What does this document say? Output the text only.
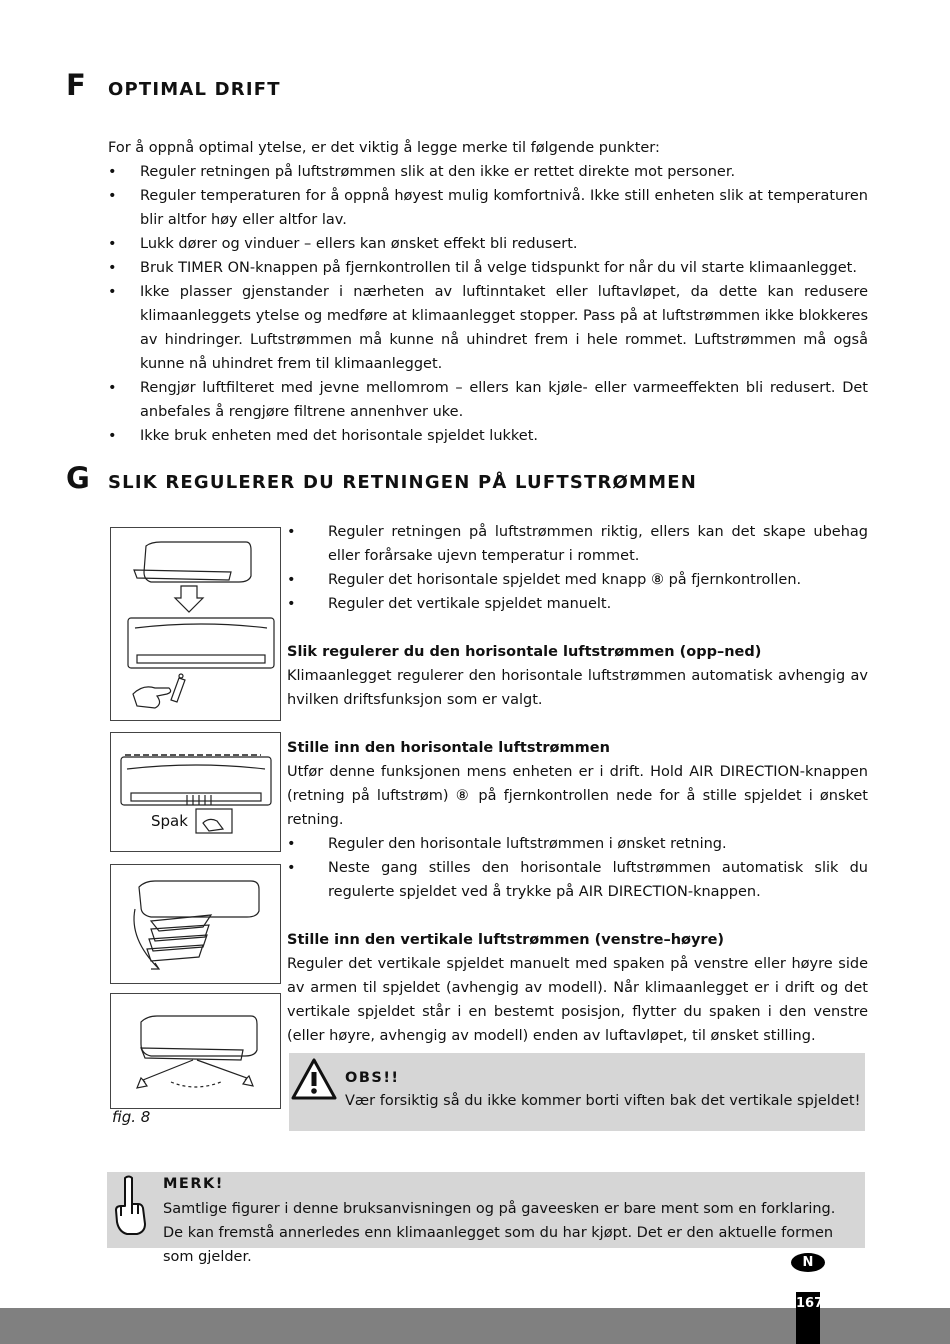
F OPTIMAL DRIFT
For å oppnå optimal ytelse, er det viktig å legge merke til følgende punkter:
• Reguler retningen på luftstrømmen slik at den ikke er rettet direkte mot personer.
• Reguler temperaturen for å oppnå høyest mulig komfortnivå. Ikke still enheten slik at temperaturen blir altfor høy eller altfor lav.
• Lukk dører og vinduer – ellers kan ønsket effekt bli redusert.
• Bruk TIMER ON-knappen på fjernkontrollen til å velge tidspunkt for når du vil starte klimaanlegget.
• Ikke plasser gjenstander i nærheten av luftinntaket eller luftavløpet, da dette kan redusere klimaanleggets ytelse og medføre at klimaanlegget stopper. Pass på at luftstrømmen ikke blokkeres av hindringer. Luftstrømmen må kunne nå uhindret frem i hele rommet. Luftstrømmen må også kunne nå uhindret frem til klimaanlegget.
• Rengjør luftfilteret med jevne mellomrom – ellers kan kjøle- eller varmeeffekten bli redusert. Det anbefales å rengjøre filtrene annenhver uke.
• Ikke bruk enheten med det horisontale spjeldet lukket.
G SLIK REGULERER DU RETNINGEN PÅ LUFTSTRØMMEN
• Reguler retningen på luftstrømmen riktig, ellers kan det skape ubehag eller forårsake ujevn temperatur i rommet.
• Reguler det horisontale spjeldet med knapp ⑧ på fjernkontrollen.
• Reguler det vertikale spjeldet manuelt.

Slik regulerer du den horisontale luftstrømmen (opp–ned)

Klimaanlegget regulerer den horisontale luftstrømmen automatisk avhengig av hvilken driftsfunksjon som er valgt.

Stille inn den horisontale luftstrømmen

Utfør denne funksjonen mens enheten er i drift. Hold AIR DIRECTION-knappen (retning på luftstrøm) ⑧ på fjernkontrollen nede for å stille spjeldet i ønsket retning.

• Reguler den horisontale luftstrømmen i ønsket retning.
• Neste gang stilles den horisontale luftstrømmen automatisk slik du regulerte spjeldet ved å trykke på AIR DIRECTION-knappen.

Stille inn den vertikale luftstrømmen (venstre–høyre)

Reguler det vertikale spjeldet manuelt med spaken på venstre eller høyre side av armen til spjeldet (avhengig av modell). Når klimaanlegget er i drift og det vertikale spjeldet står i en bestemt posisjon, flytter du spaken i den venstre (eller høyre, avhengig av modell) enden av luftavløpet, til ønsket stilling.

Spak
fig. 8
OBS!!
Vær forsiktig så du ikke kommer borti viften bak det vertikale spjeldet!
MERK!
Samtlige figurer i denne bruksanvisningen og på gaveesken er bare ment som en forklaring. De kan fremstå annerledes enn klimaanlegget som du har kjøpt. Det er den aktuelle formen som gjelder.	N
167
